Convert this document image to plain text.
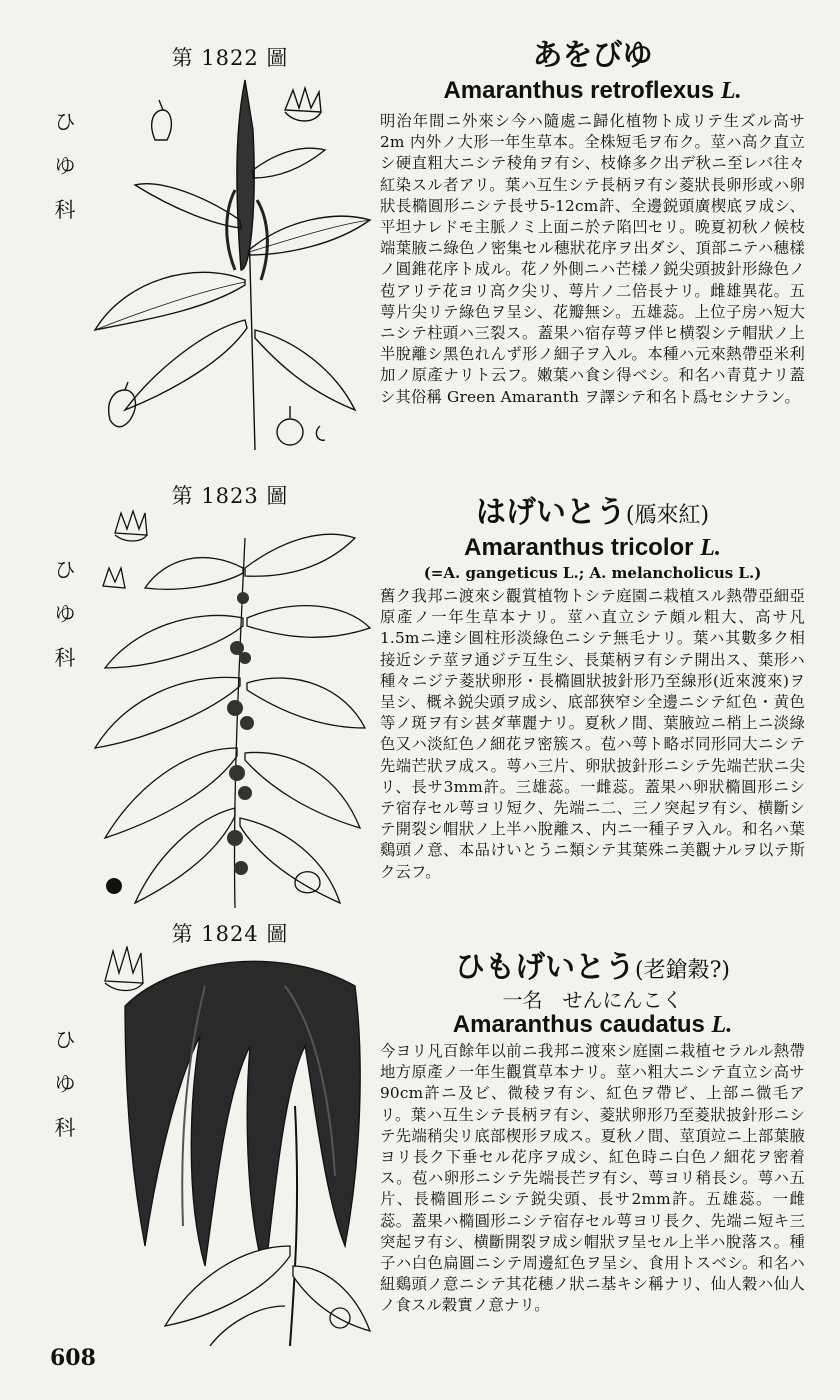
第 1822 圖
ひ
ゆ
科
あをびゆ
Amaranthus retroflexus L.
明治年間ニ外來シ今ハ隨處ニ歸化植物ト成リテ生ズル高サ 2m 内外ノ大形一年生草本。全株短毛ヲ布ク。莖ハ高ク直立シ硬直粗大ニシテ稜角ヲ有シ、枝條多ク出デ秋ニ至レバ往々紅染スル者アリ。葉ハ互生シテ長柄ヲ有シ菱狀長卵形或ハ卵狀長橢圓形ニシテ長サ5-12cm許、全邊鋭頭廣楔底ヲ成シ、平坦ナレドモ主脈ノミ上面ニ於テ陷凹セリ。晩夏初秋ノ候枝端葉腋ニ綠色ノ密集セル穗狀花序ヲ出ダシ、頂部ニテハ穗樣ノ圓錐花序ト成ル。花ノ外側ニハ芒樣ノ鋭尖頭披針形綠色ノ苞アリテ花ヨリ高ク尖リ、萼片ノ二倍長ナリ。雌雄異花。五萼片尖リテ綠色ヲ呈シ、花瓣無シ。五雄蕊。上位子房ハ短大ニシテ柱頭ハ三裂ス。蓋果ハ宿存萼ヲ伴ヒ横裂シテ帽狀ノ上半脫離シ黑色れんず形ノ細子ヲ入ル。本種ハ元來熱帶亞米利加ノ原產ナリト云フ。嫩葉ハ食シ得ベシ。和名ハ青莧ナリ蓋シ其俗稱 Green Amaranth ヲ譯シテ和名ト爲セシナラン。
第 1823 圖
ひ
ゆ
科
はげいとう(鴈來紅)
Amaranthus tricolor L.
(=A. gangeticus L.; A. melancholicus L.)
舊ク我邦ニ渡來シ觀賞植物トシテ庭園ニ栽植スル熱帶亞細亞原產ノ一年生草本ナリ。莖ハ直立シテ頗ル粗大、高サ凡1.5mニ達シ圓柱形淡綠色ニシテ無毛ナリ。葉ハ其數多ク相接近シテ莖ヲ通ジテ互生シ、長葉柄ヲ有シテ開出ス、葉形ハ種々ニジテ菱狀卵形・長橢圓狀披針形乃至線形(近來渡來)ヲ呈シ、概ネ鋭尖頭ヲ成シ、底部狹窄シ全邊ニシテ紅色・黄色等ノ斑ヲ有シ甚ダ華麗ナリ。夏秋ノ間、葉腋竝ニ梢上ニ淡綠色又ハ淡紅色ノ細花ヲ密簇ス。苞ハ萼ト略ボ同形同大ニシテ先端芒狀ヲ成ス。萼ハ三片、卵狀披針形ニシテ先端芒狀ニ尖リ、長サ3mm許。三雄蕊。一雌蕊。蓋果ハ卵狀橢圓形ニシテ宿存セル萼ヨリ短ク、先端ニ二、三ノ突起ヲ有シ、横斷シテ開裂シ帽狀ノ上半ハ脫離ス、内ニ一種子ヲ入ル。和名ハ葉鷄頭ノ意、本品けいとうニ類シテ其葉殊ニ美觀ナルヲ以テ斯ク云フ。
第 1824 圖
ひ
ゆ
科
ひもげいとう(老鎗穀?)
一名　せんにんこく
Amaranthus caudatus L.
今ヨリ凡百餘年以前ニ我邦ニ渡來シ庭園ニ栽植セラルル熱帶地方原產ノ一年生觀賞草本ナリ。莖ハ粗大ニシテ直立シ高サ 90cm許ニ及ビ、微稜ヲ有シ、紅色ヲ帶ビ、上部ニ微毛アリ。葉ハ互生シテ長柄ヲ有シ、菱狀卵形乃至菱狀披針形ニシテ先端稍尖リ底部楔形ヲ成ス。夏秋ノ間、莖頂竝ニ上部葉腋ヨリ長ク下垂セル花序ヲ成シ、紅色時ニ白色ノ細花ヲ密着ス。苞ハ卵形ニシテ先端長芒ヲ有シ、萼ヨリ稍長シ。萼ハ五片、長橢圓形ニシテ鋭尖頭、長サ2mm許。五雄蕊。一雌蕊。蓋果ハ橢圓形ニシテ宿存セル萼ヨリ長ク、先端ニ短キ三突起ヲ有シ、横斷開裂ヲ成シ帽狀ヲ呈セル上半ハ脫落ス。種子ハ白色扁圓ニシテ周邊紅色ヲ呈シ、食用トスベシ。和名ハ紐鷄頭ノ意ニシテ其花穗ノ狀ニ基キシ稱ナリ、仙人穀ハ仙人ノ食スル穀實ノ意ナリ。
608
